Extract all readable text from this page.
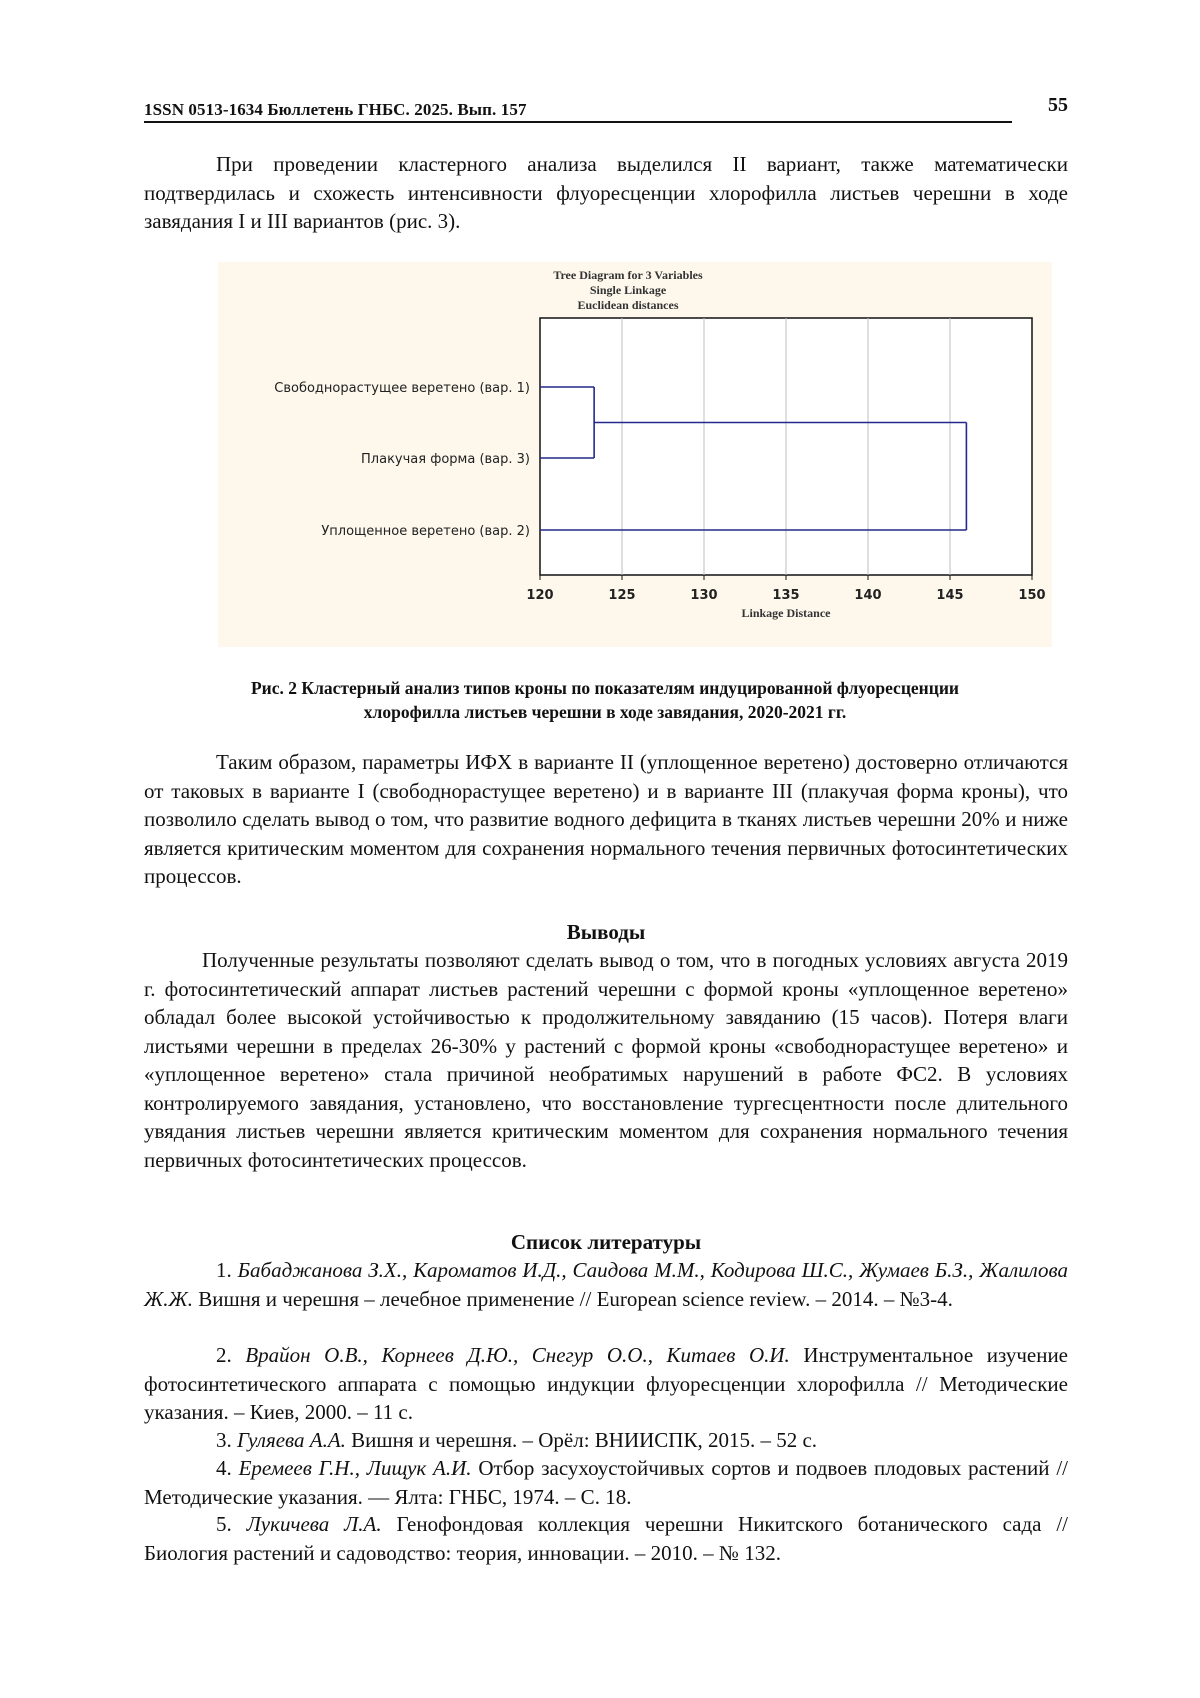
1SSN 0513-1634 Бюллетень ГНБС. 2025. Вып. 157	55

При проведении кластерного анализа выделился II вариант, также математически подтвердилась и схожесть интенсивности флуоресценции хлорофилла листьев черешни в ходе завядания I и III вариантов (рис. 3).

120	125	130	135	140	145	150
Tree Diagram for 3 Variables
Single Linkage
Euclidean distances
Linkage Distance
Свободнорастущее веретено (вар. 1)
Плакучая форма (вар. 3)
Уплощенное веретено (вар. 2)

Рис. 2 Кластерный анализ типов кроны по показателям индуцированной флуоресценции
хлорофилла листьев черешни в ходе завядания, 2020-2021 гг.

Таким образом, параметры ИФХ в варианте II (уплощенное веретено) достоверно отличаются от таковых в варианте I (свободнорастущее веретено) и в варианте III (плакучая форма кроны), что позволило сделать вывод о том, что развитие водного дефицита в тканях листьев черешни 20% и ниже является критическим моментом для сохранения нормального течения первичных фотосинтетических процессов.

Выводы

Полученные результаты позволяют сделать вывод о том, что в погодных условиях августа 2019 г. фотосинтетический аппарат листьев растений черешни с формой кроны «уплощенное веретено» обладал более высокой устойчивостью к продолжительному завяданию (15 часов). Потеря влаги листьями черешни в пределах 26-30% у растений с формой кроны «свободнорастущее веретено» и «уплощенное веретено» стала причиной необратимых нарушений в работе ФС2. В условиях контролируемого завядания, установлено, что восстановление тургесцентности после длительного увядания листьев черешни является критическим моментом для сохранения нормального течения первичных фотосинтетических процессов.

Список литературы

1. Бабаджанова З.Х., Кароматов И.Д., Саидова М.М., Кодирова Ш.С., Жумаев Б.З., Жалилова Ж.Ж. Вишня и черешня – лечебное применение // European science review. – 2014. – №3-4.

2. Врайон О.В., Корнеев Д.Ю., Снегур О.О., Китаев О.И. Инструментальное изучение фотосинтетического аппарата с помощью индукции флуоресценции хлорофилла // Методические указания. – Киев, 2000. – 11 с.

3. Гуляева А.А. Вишня и черешня. – Орёл: ВНИИСПК, 2015. – 52 с.

4. Еремеев Г.Н., Лищук А.И. Отбор засухоустойчивых сортов и подвоев плодовых растений // Методические указания. — Ялта: ГНБС, 1974. – С. 18.

5. Лукичева Л.А. Генофондовая коллекция черешни Никитского ботанического сада // Биология растений и садоводство: теория, инновации. – 2010. – № 132.
